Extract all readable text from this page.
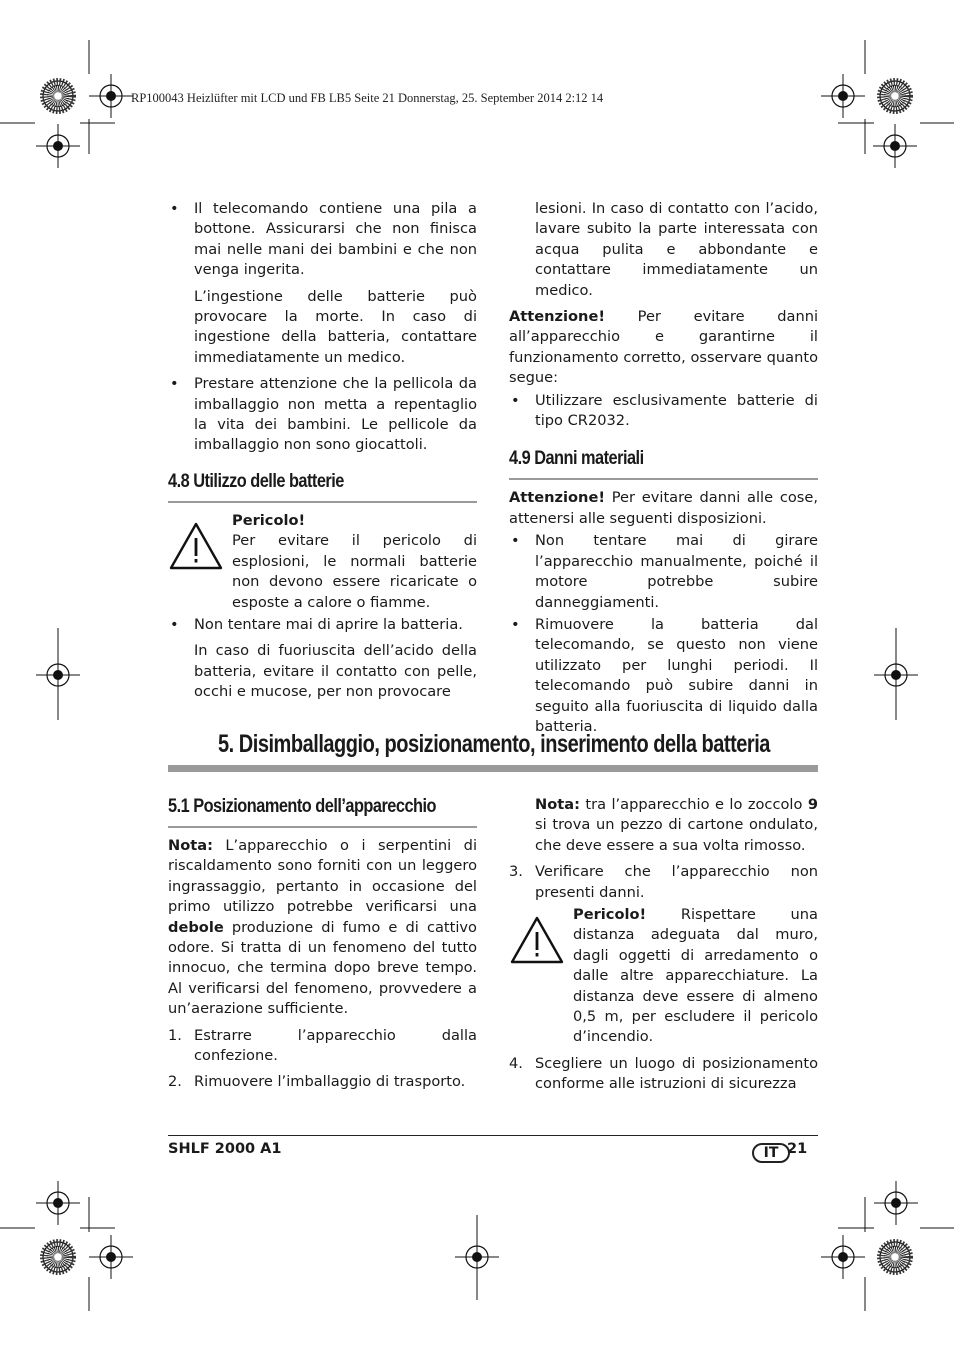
RP100043 Heizlüfter mit LCD und FB LB5 Seite 21 Donnerstag, 25. September 2014 2:12 14
• Il telecomando contiene una pila a bottone. Assicurarsi che non finisca mai nelle mani dei bambini e che non venga ingerita.
L’ingestione delle batterie può provocare la morte. In caso di ingestione della batteria, contattare immediatamente un medico.
• Prestare attenzione che la pellicola da imballaggio non metta a repentaglio la vita dei bambini. Le pellicole da imballaggio non sono giocattoli.
4.8 Utilizzo delle batterie
Pericolo!
Per evitare il pericolo di esplosioni, le normali batterie non devono essere ricaricate o esposte a calore o fiamme.
• Non tentare mai di aprire la batteria.
In caso di fuoriuscita dell’acido della batteria, evitare il contatto con pelle, occhi e mucose, per non provocare
lesioni. In caso di contatto con l’acido, lavare subito la parte interessata con acqua pulita e abbondante e contattare immediatamente un medico.
Attenzione! Per evitare danni all’apparecchio e garantirne il funzionamento corretto, osservare quanto segue:
• Utilizzare esclusivamente batterie di tipo CR2032.
4.9 Danni materiali
Attenzione! Per evitare danni alle cose, attenersi alle seguenti disposizioni.
• Non tentare mai di girare l’apparecchio manualmente, poiché il motore potrebbe subire danneggiamenti.
• Rimuovere la batteria dal telecomando, se questo non viene utilizzato per lunghi periodi. Il telecomando può subire danni in seguito alla fuoriuscita di liquido dalla batteria.
5. Disimballaggio, posizionamento, inserimento della batteria
5.1 Posizionamento dell’apparecchio
Nota: L’apparecchio o i serpentini di riscaldamento sono forniti con un leggero ingrassaggio, pertanto in occasione del primo utilizzo potrebbe verificarsi una debole produzione di fumo e di cattivo odore. Si tratta di un fenomeno del tutto innocuo, che termina dopo breve tempo. Al verificarsi del fenomeno, provvedere a un’aerazione sufficiente.
1. Estrarre l’apparecchio dalla confezione.
2. Rimuovere l’imballaggio di trasporto.
Nota: tra l’apparecchio e lo zoccolo 9 si trova un pezzo di cartone ondulato, che deve essere a sua volta rimosso.
3. Verificare che l’apparecchio non presenti danni.
Pericolo! Rispettare una distanza adeguata dal muro, dagli oggetti di arredamento o dalle altre apparecchiature. La distanza deve essere di almeno 0,5 m, per escludere il pericolo d’incendio.
4. Scegliere un luogo di posizionamento conforme alle istruzioni di sicurezza
SHLF 2000 A1	IT 21
